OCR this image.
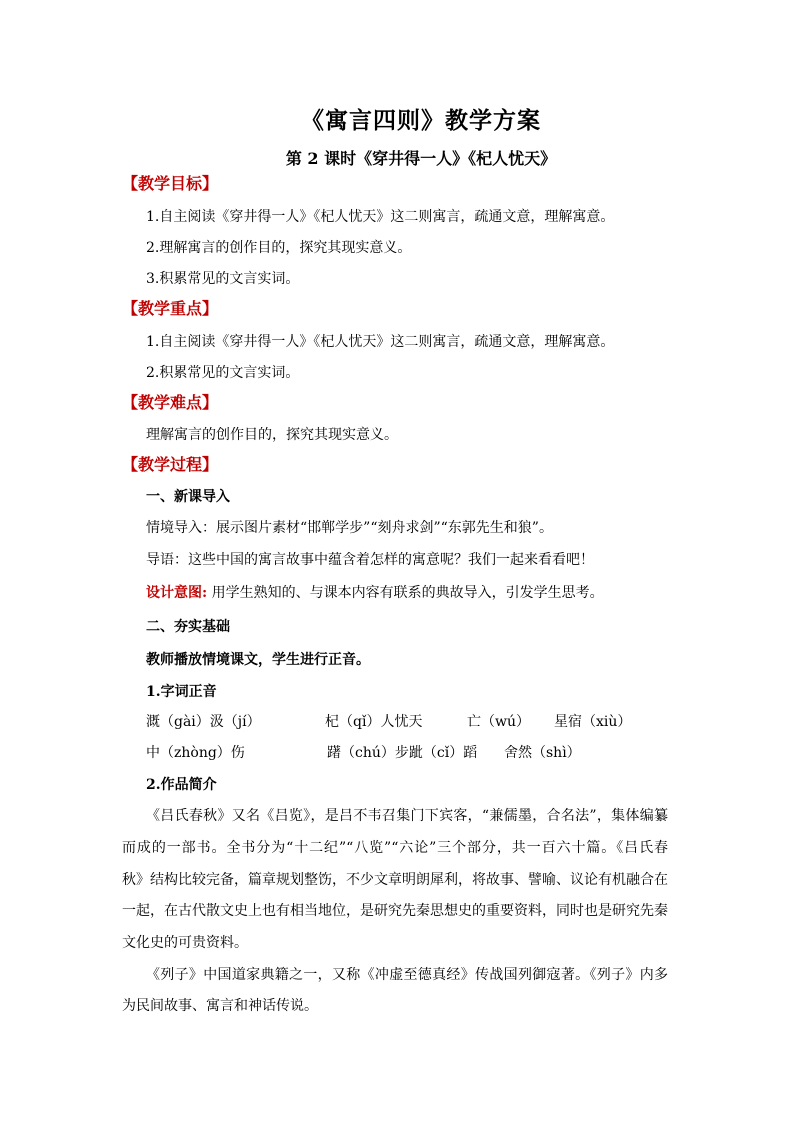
《寓言四则》教学方案
第 2 课时《穿井得一人》《杞人忧天》
【教学目标】
1.自主阅读《穿井得一人》《杞人忧天》这二则寓言，疏通文意，理解寓意。
2.理解寓言的创作目的，探究其现实意义。
3.积累常见的文言实词。
【教学重点】
1.自主阅读《穿井得一人》《杞人忧天》这二则寓言，疏通文意，理解寓意。
2.积累常见的文言实词。
【教学难点】
理解寓言的创作目的，探究其现实意义。
【教学过程】
一、新课导入
情境导入：展示图片素材“邯郸学步”“刻舟求剑”“东郭先生和狼”。
导语：这些中国的寓言故事中蕴含着怎样的寓意呢？我们一起来看看吧！
设计意图: 用学生熟知的、与课本内容有联系的典故导入，引发学生思考。
二、夯实基础
教师播放情境课文，学生进行正音。
1.字词正音
溉（gài）汲（jí）	杞（qǐ）人忧天	亡（wú） 星宿（xiù）
中（zhòng）伤	躇（chú）步跐（cǐ）蹈 舍然（shì）
2.作品简介
《吕氏春秋》又名《吕览》，是吕不韦召集门下宾客，“兼儒墨，合名法”，集体编纂
而成的一部书。全书分为“十二纪”“八览”“六论”三个部分，共一百六十篇。《吕氏春
秋》结构比较完备，篇章规划整饬，不少文章明朗犀利，将故事、譬喻、议论有机融合在
一起，在古代散文史上也有相当地位，是研究先秦思想史的重要资料，同时也是研究先秦
文化史的可贵资料。
《列子》中国道家典籍之一，又称《冲虚至德真经》传战国列御寇著。《列子》内多
为民间故事、寓言和神话传说。
